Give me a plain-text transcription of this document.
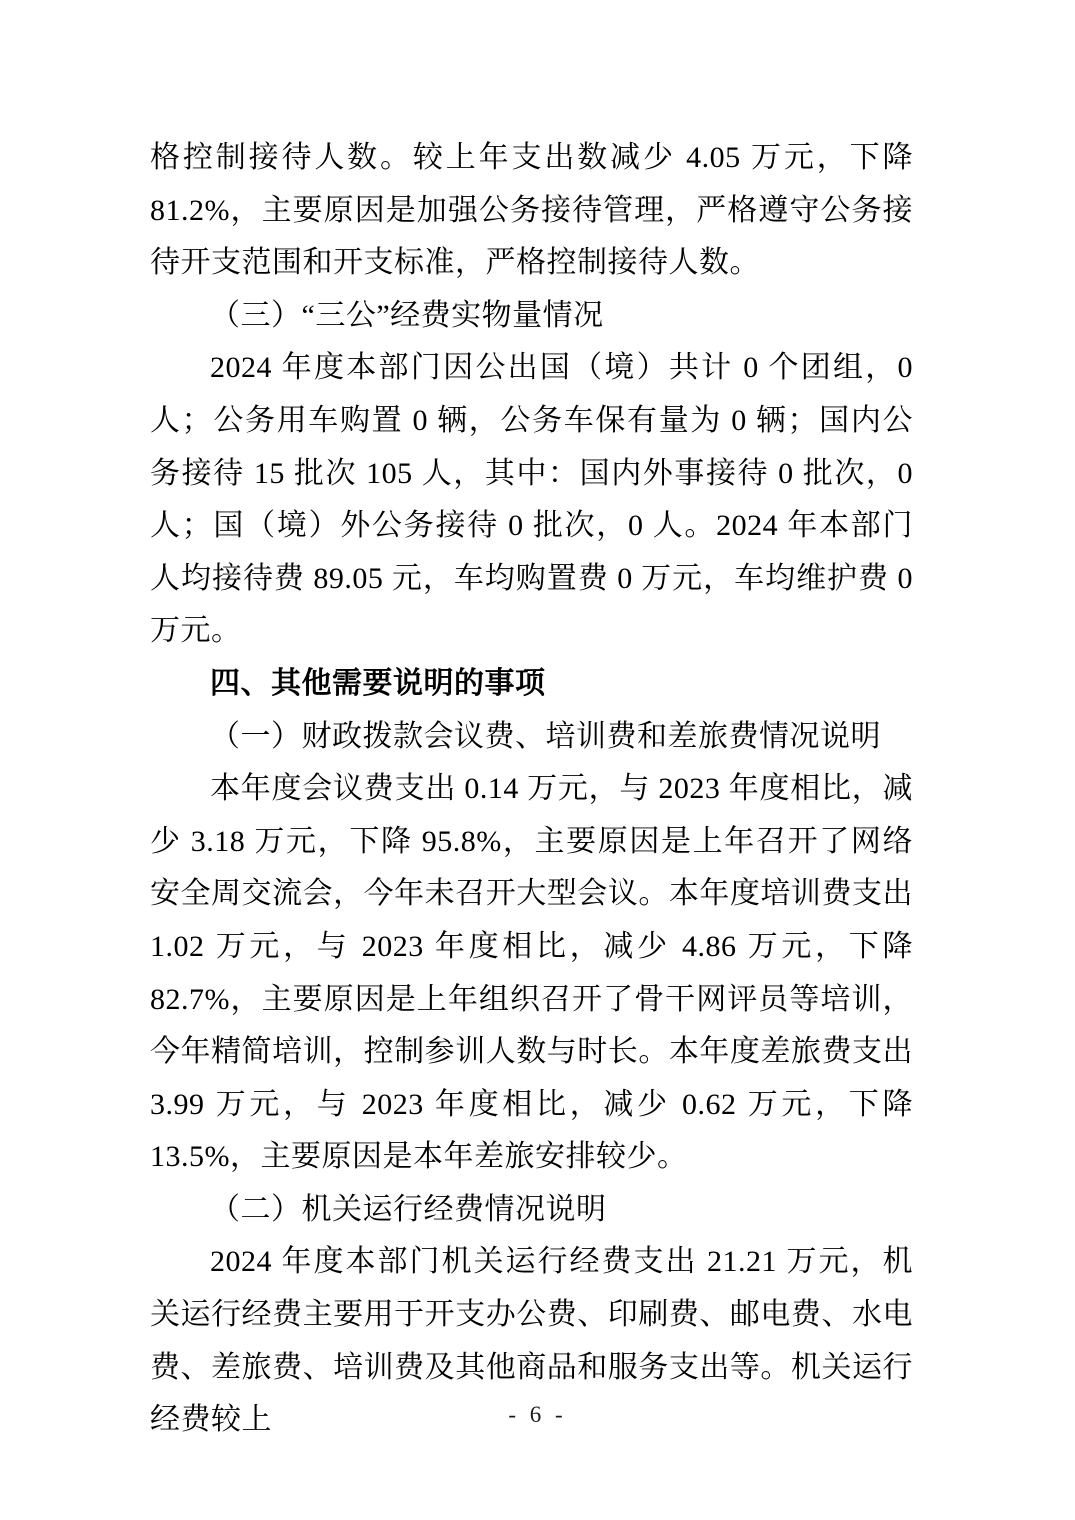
格控制接待人数。较上年支出数减少 4.05 万元，下降 81.2%，主要原因是加强公务接待管理，严格遵守公务接待开支范围和开支标准，严格控制接待人数。

（三）“三公”经费实物量情况

2024 年度本部门因公出国（境）共计 0 个团组，0 人；公务用车购置 0 辆，公务车保有量为 0 辆；国内公务接待 15 批次 105 人，其中：国内外事接待 0 批次，0 人；国（境）外公务接待 0 批次，0 人。2024 年本部门人均接待费 89.05 元，车均购置费 0 万元，车均维护费 0 万元。

四、其他需要说明的事项

（一）财政拨款会议费、培训费和差旅费情况说明

本年度会议费支出 0.14 万元，与 2023 年度相比，减少 3.18 万元，下降 95.8%，主要原因是上年召开了网络安全周交流会，今年未召开大型会议。本年度培训费支出 1.02 万元，与 2023 年度相比，减少 4.86 万元，下降 82.7%，主要原因是上年组织召开了骨干网评员等培训，今年精简培训，控制参训人数与时长。本年度差旅费支出 3.99 万元，与 2023 年度相比，减少 0.62 万元，下降 13.5%，主要原因是本年差旅安排较少。

（二）机关运行经费情况说明

2024 年度本部门机关运行经费支出 21.21 万元，机关运行经费主要用于开支办公费、印刷费、邮电费、水电费、差旅费、培训费及其他商品和服务支出等。机关运行经费较上	- 6 -
